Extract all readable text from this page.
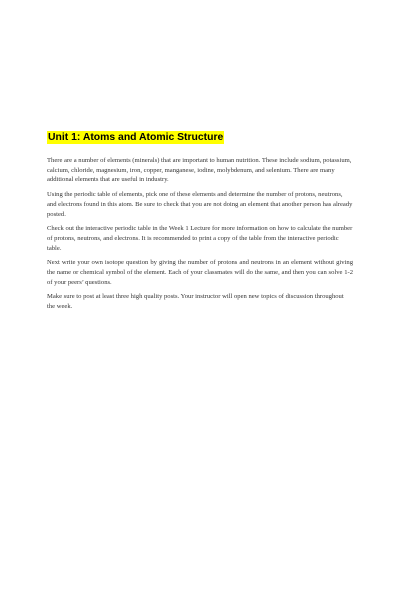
Unit 1: Atoms and Atomic Structure

There are a number of elements (minerals) that are important to human nutrition. These include sodium, potassium, calcium, chloride, magnesium, iron, copper, manganese, iodine, molybdenum, and selenium. There are many additional elements that are useful in industry.

Using the periodic table of elements, pick one of these elements and determine the number of protons, neutrons, and electrons found in this atom. Be sure to check that you are not doing an element that another person has already posted.

Check out the interactive periodic table in the Week 1 Lecture for more information on how to calculate the number of protons, neutrons, and electrons. It is recommended to print a copy of the table from the interactive periodic table.

Next write your own isotope question by giving the number of protons and neutrons in an element without giving the name or chemical symbol of the element. Each of your classmates will do the same, and then you can solve 1-2 of your peers’ questions.

Make sure to post at least three high quality posts. Your instructor will open new topics of discussion throughout the week.
